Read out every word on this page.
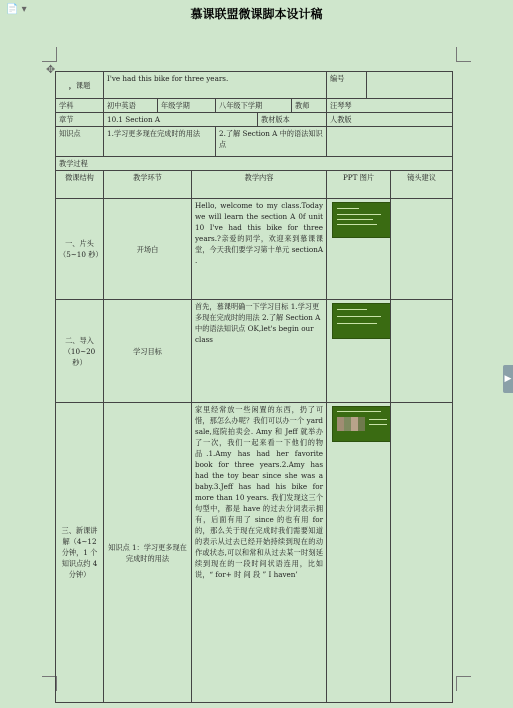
📄 ▾	慕课联盟微课脚本设计稿
✥
▶
，课题	I've had this bike for three years.						编号		
学科	初中英语	年级学期		八年级下学期		教师	汪琴琴		
章节	10.1 Section A				教材版本		人教版		
知识点	1.学习更多现在完成时的用法			2.了解 Section A 中的语法知识点					
教学过程									
微课结构	教学环节		教学内容				PPT 图片		镜头建议
一、片头（5~10 秒）	开场白		Hello, welcome to my class.Today we will learn the section A 0f unit 10 I've had this bike for three years.?亲爱的同学，欢迎来到慕课课堂，今天我们要学习第十单元 sectionA .					

二、导入（10~20 秒）	学习目标		首先，慕课明确一下学习目标 1.学习更多现在完成时的用法 2.了解 Section A 中的语法知识点 OK,let's begin our class					

三、新课讲解（4~12 分钟，1 个知识点约 4 分钟）	知识点 1：学习更多现在完成时的用法		家里经常放一些闲置的东西，扔了可惜，那怎么办呢？我们可以办一个 yard sale,庭院拍卖会. Amy 和 Jeff 就举办了一次，我们一起来看一下他们的物品.1.Amy has had her favorite book for three years.2.Amy has had the toy bear since she was a baby.3.Jeff has had his bike for more than 10 years. 我们发现这三个句型中，都是 have 的过去分词表示拥有，后面有用了 since 的也有用 for 的，那么关于现在完成时我们需要知道的表示从过去已经开始持续到现在的动作或状态,可以和常和从过去某一时刻延续到现在的一段时间状语连用，比如说，“ for+ 时 间 段 ” I haven’					
